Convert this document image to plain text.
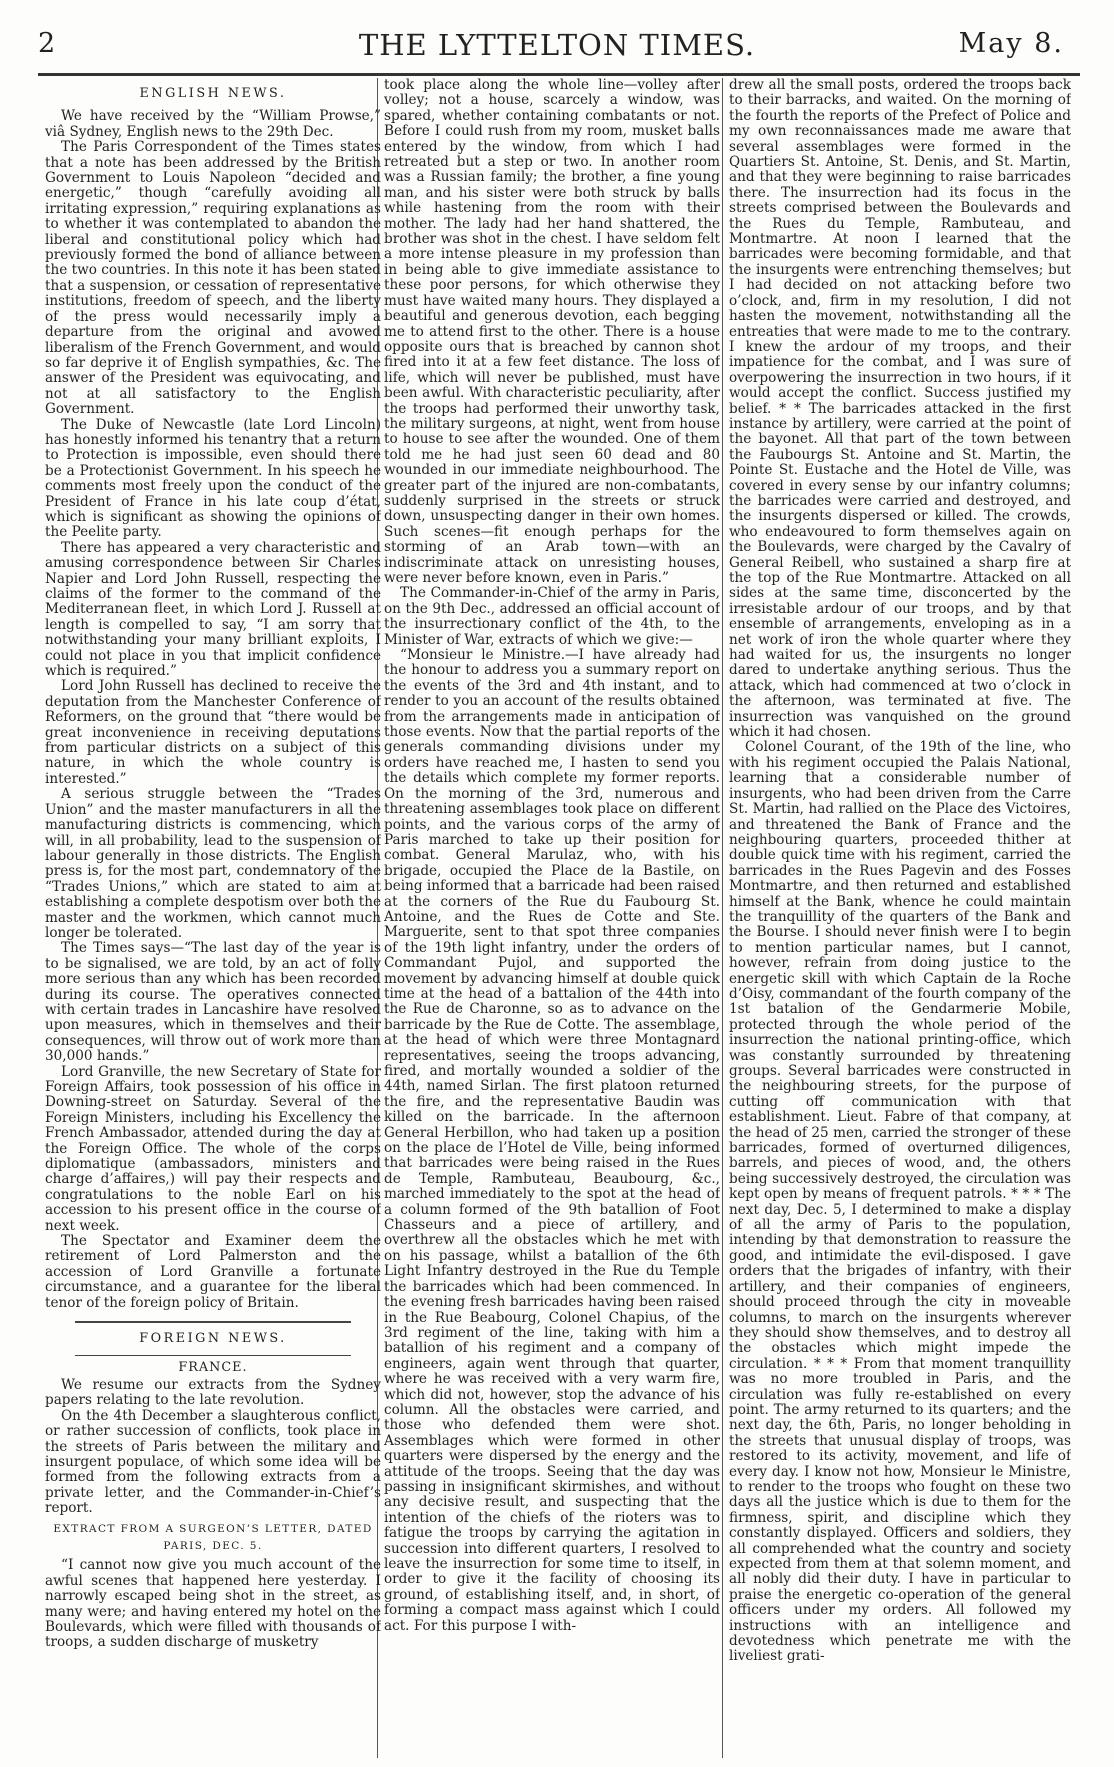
2	THE LYTTELTON TIMES.	May 8.
ENGLISH NEWS.

We have received by the “William Prowse,” viâ Sydney, English news to the 29th Dec.

The Paris Correspondent of the Times states that a note has been addressed by the British Government to Louis Napoleon “decided and energetic,” though “carefully avoiding all irritating expression,” requiring explanations as to whether it was contemplated to abandon the liberal and constitutional policy which had previously formed the bond of alliance between the two countries. In this note it has been stated that a suspension, or cessation of representative institutions, freedom of speech, and the liberty of the press would necessarily imply a departure from the original and avowed liberalism of the French Government, and would so far deprive it of English sympathies, &c. The answer of the President was equivocating, and not at all satisfactory to the English Government.

The Duke of Newcastle (late Lord Lincoln) has honestly informed his tenantry that a return to Protection is impossible, even should there be a Protectionist Government. In his speech he comments most freely upon the conduct of the President of France in his late coup d’état, which is significant as showing the opinions of the Peelite party.

There has appeared a very characteristic and amusing correspondence between Sir Charles Napier and Lord John Russell, respecting the claims of the former to the command of the Mediterranean fleet, in which Lord J. Russell at length is compelled to say, “I am sorry that notwithstanding your many brilliant exploits, I could not place in you that implicit confidence which is required.”

Lord John Russell has declined to receive the deputation from the Manchester Conference of Reformers, on the ground that “there would be great inconvenience in receiving deputations from particular districts on a subject of this nature, in which the whole country is interested.”

A serious struggle between the “Trades Union” and the master manufacturers in all the manufacturing districts is commencing, which will, in all probability, lead to the suspension of labour generally in those districts. The English press is, for the most part, condemnatory of the “Trades Unions,” which are stated to aim at establishing a complete despotism over both the master and the workmen, which cannot much longer be tolerated.

The Times says—“The last day of the year is to be signalised, we are told, by an act of folly more serious than any which has been recorded during its course. The operatives connected with certain trades in Lancashire have resolved upon measures, which in themselves and their consequences, will throw out of work more than 30,000 hands.”

Lord Granville, the new Secretary of State for Foreign Affairs, took possession of his office in Downing-street on Saturday. Several of the Foreign Ministers, including his Excellency the French Ambassador, attended during the day at the Foreign Office. The whole of the corps diplomatique (ambassadors, ministers and charge d’affaires,) will pay their respects and congratulations to the noble Earl on his accession to his present office in the course of next week.

The Spectator and Examiner deem the retirement of Lord Palmerston and the accession of Lord Granville a fortunate circumstance, and a guarantee for the liberal tenor of the foreign policy of Britain.

FOREIGN NEWS.
FRANCE.

We resume our extracts from the Sydney papers relating to the late revolution.

On the 4th December a slaughterous conflict, or rather succession of conflicts, took place in the streets of Paris between the military and insurgent populace, of which some idea will be formed from the following extracts from a private letter, and the Commander-in-Chief’s report.

EXTRACT FROM A SURGEON’S LETTER, DATED
PARIS, DEC. 5.

“I cannot now give you much account of the awful scenes that happened here yesterday. I narrowly escaped being shot in the street, as many were; and having entered my hotel on the Boulevards, which were filled with thousands of troops, a sudden discharge of musketry

took place along the whole line—volley after volley; not a house, scarcely a window, was spared, whether containing combatants or not. Before I could rush from my room, musket balls entered by the window, from which I had retreated but a step or two. In another room was a Russian family; the brother, a fine young man, and his sister were both struck by balls while hastening from the room with their mother. The lady had her hand shattered, the brother was shot in the chest. I have seldom felt a more intense pleasure in my profession than in being able to give immediate assistance to these poor persons, for which otherwise they must have waited many hours. They displayed a beautiful and generous devotion, each begging me to attend first to the other. There is a house opposite ours that is breached by cannon shot fired into it at a few feet distance. The loss of life, which will never be published, must have been awful. With characteristic peculiarity, after the troops had performed their unworthy task, the military surgeons, at night, went from house to house to see after the wounded. One of them told me he had just seen 60 dead and 80 wounded in our immediate neighbourhood. The greater part of the injured are non-combatants, suddenly surprised in the streets or struck down, unsuspecting danger in their own homes. Such scenes—fit enough perhaps for the storming of an Arab town—with an indiscriminate attack on unresisting houses, were never before known, even in Paris.”

The Commander-in-Chief of the army in Paris, on the 9th Dec., addressed an official account of the insurrectionary conflict of the 4th, to the Minister of War, extracts of which we give:—

“Monsieur le Ministre.—I have already had the honour to address you a summary report on the events of the 3rd and 4th instant, and to render to you an account of the results obtained from the arrangements made in anticipation of those events. Now that the partial reports of the generals commanding divisions under my orders have reached me, I hasten to send you the details which complete my former reports. On the morning of the 3rd, numerous and threatening assemblages took place on different points, and the various corps of the army of Paris marched to take up their position for combat. General Marulaz, who, with his brigade, occupied the Place de la Bastile, on being informed that a barricade had been raised at the corners of the Rue du Faubourg St. Antoine, and the Rues de Cotte and Ste. Marguerite, sent to that spot three companies of the 19th light infantry, under the orders of Commandant Pujol, and supported the movement by advancing himself at double quick time at the head of a battalion of the 44th into the Rue de Charonne, so as to advance on the barricade by the Rue de Cotte. The assemblage, at the head of which were three Montagnard representatives, seeing the troops advancing, fired, and mortally wounded a soldier of the 44th, named Sirlan. The first platoon returned the fire, and the representative Baudin was killed on the barricade. In the afternoon General Herbillon, who had taken up a position on the place de l’Hotel de Ville, being informed that barricades were being raised in the Rues de Temple, Rambuteau, Beaubourg, &c., marched immediately to the spot at the head of a column formed of the 9th batallion of Foot Chasseurs and a piece of artillery, and overthrew all the obstacles which he met with on his passage, whilst a batallion of the 6th Light Infantry destroyed in the Rue du Temple the barricades which had been commenced. In the evening fresh barricades having been raised in the Rue Beabourg, Colonel Chapius, of the 3rd regiment of the line, taking with him a batallion of his regiment and a company of engineers, again went through that quarter, where he was received with a very warm fire, which did not, however, stop the advance of his column. All the obstacles were carried, and those who defended them were shot. Assemblages which were formed in other quarters were dispersed by the energy and the attitude of the troops. Seeing that the day was passing in insignificant skirmishes, and without any decisive result, and suspecting that the intention of the chiefs of the rioters was to fatigue the troops by carrying the agitation in succession into different quarters, I resolved to leave the insurrection for some time to itself, in order to give it the facility of choosing its ground, of establishing itself, and, in short, of forming a compact mass against which I could act. For this purpose I with-

drew all the small posts, ordered the troops back to their barracks, and waited. On the morning of the fourth the reports of the Prefect of Police and my own reconnaissances made me aware that several assemblages were formed in the Quartiers St. Antoine, St. Denis, and St. Martin, and that they were beginning to raise barricades there. The insurrection had its focus in the streets comprised between the Boulevards and the Rues du Temple, Rambuteau, and Montmartre. At noon I learned that the barricades were becoming formidable, and that the insurgents were entrenching themselves; but I had decided on not attacking before two o’clock, and, firm in my resolution, I did not hasten the movement, notwithstanding all the entreaties that were made to me to the contrary. I knew the ardour of my troops, and their impatience for the combat, and I was sure of overpowering the insurrection in two hours, if it would accept the conflict. Success justified my belief. * * The barricades attacked in the first instance by artillery, were carried at the point of the bayonet. All that part of the town between the Faubourgs St. Antoine and St. Martin, the Pointe St. Eustache and the Hotel de Ville, was covered in every sense by our infantry columns; the barricades were carried and destroyed, and the insurgents dispersed or killed. The crowds, who endeavoured to form themselves again on the Boulevards, were charged by the Cavalry of General Reibell, who sustained a sharp fire at the top of the Rue Montmartre. Attacked on all sides at the same time, disconcerted by the irresistable ardour of our troops, and by that ensemble of arrangements, enveloping as in a net work of iron the whole quarter where they had waited for us, the insurgents no longer dared to undertake anything serious. Thus the attack, which had commenced at two o’clock in the afternoon, was terminated at five. The insurrection was vanquished on the ground which it had chosen.

Colonel Courant, of the 19th of the line, who with his regiment occupied the Palais National, learning that a considerable number of insurgents, who had been driven from the Carre St. Martin, had rallied on the Place des Victoires, and threatened the Bank of France and the neighbouring quarters, proceeded thither at double quick time with his regiment, carried the barricades in the Rues Pagevin and des Fosses Montmartre, and then returned and established himself at the Bank, whence he could maintain the tranquillity of the quarters of the Bank and the Bourse. I should never finish were I to begin to mention particular names, but I cannot, however, refrain from doing justice to the energetic skill with which Captain de la Roche d’Oisy, commandant of the fourth company of the 1st batalion of the Gendarmerie Mobile, protected through the whole period of the insurrection the national printing-office, which was constantly surrounded by threatening groups. Several barricades were constructed in the neighbouring streets, for the purpose of cutting off communication with that establishment. Lieut. Fabre of that company, at the head of 25 men, carried the stronger of these barricades, formed of overturned diligences, barrels, and pieces of wood, and, the others being successively destroyed, the circulation was kept open by means of frequent patrols. * * * The next day, Dec. 5, I determined to make a display of all the army of Paris to the population, intending by that demonstration to reassure the good, and intimidate the evil-disposed. I gave orders that the brigades of infantry, with their artillery, and their companies of engineers, should proceed through the city in moveable columns, to march on the insurgents wherever they should show themselves, and to destroy all the obstacles which might impede the circulation. * * * From that moment tranquillity was no more troubled in Paris, and the circulation was fully re-established on every point. The army returned to its quarters; and the next day, the 6th, Paris, no longer beholding in the streets that unusual display of troops, was restored to its activity, movement, and life of every day. I know not how, Monsieur le Ministre, to render to the troops who fought on these two days all the justice which is due to them for the firmness, spirit, and discipline which they constantly displayed. Officers and soldiers, they all comprehended what the country and society expected from them at that solemn moment, and all nobly did their duty. I have in particular to praise the energetic co-operation of the general officers under my orders. All followed my instructions with an intelligence and devotedness which penetrate me with the liveliest grati-
